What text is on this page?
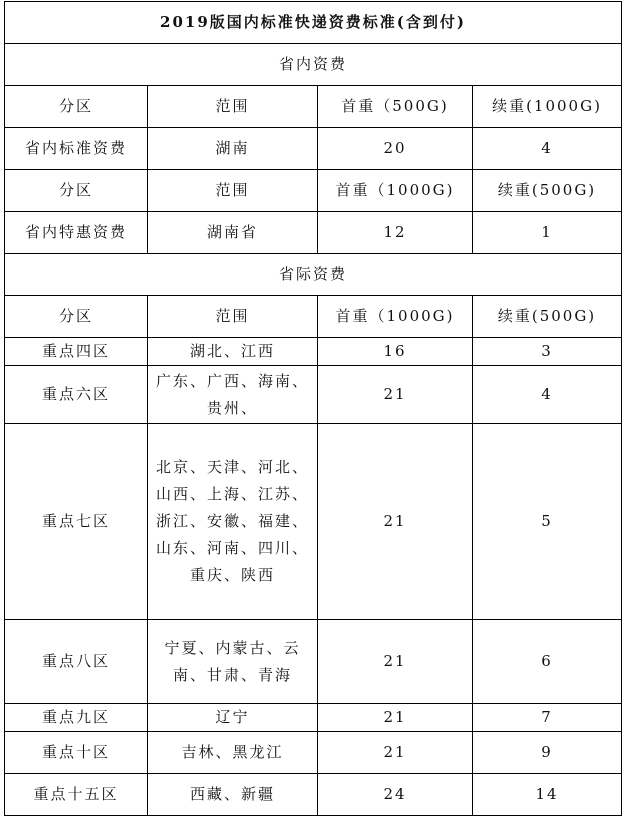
2019版国内标准快递资费标准(含到付)			
省内资费			
分区	范围	首重（500G)	续重(1000G)
省内标准资费	湖南	20	4
分区	范围	首重（1000G)	续重(500G)
省内特惠资费	湖南省	12	1
省际资费			
分区	范围	首重（1000G)	续重(500G)
重点四区	湖北、江西	16	3
重点六区	广东、广西、海南、贵州、	21	4
重点七区	北京、天津、河北、山西、上海、江苏、浙江、安徽、福建、山东、河南、四川、重庆、陕西	21	5
重点八区	宁夏、内蒙古、云南、甘肃、青海	21	6
重点九区	辽宁	21	7
重点十区	吉林、黑龙江	21	9
重点十五区	西藏、新疆	24	14
